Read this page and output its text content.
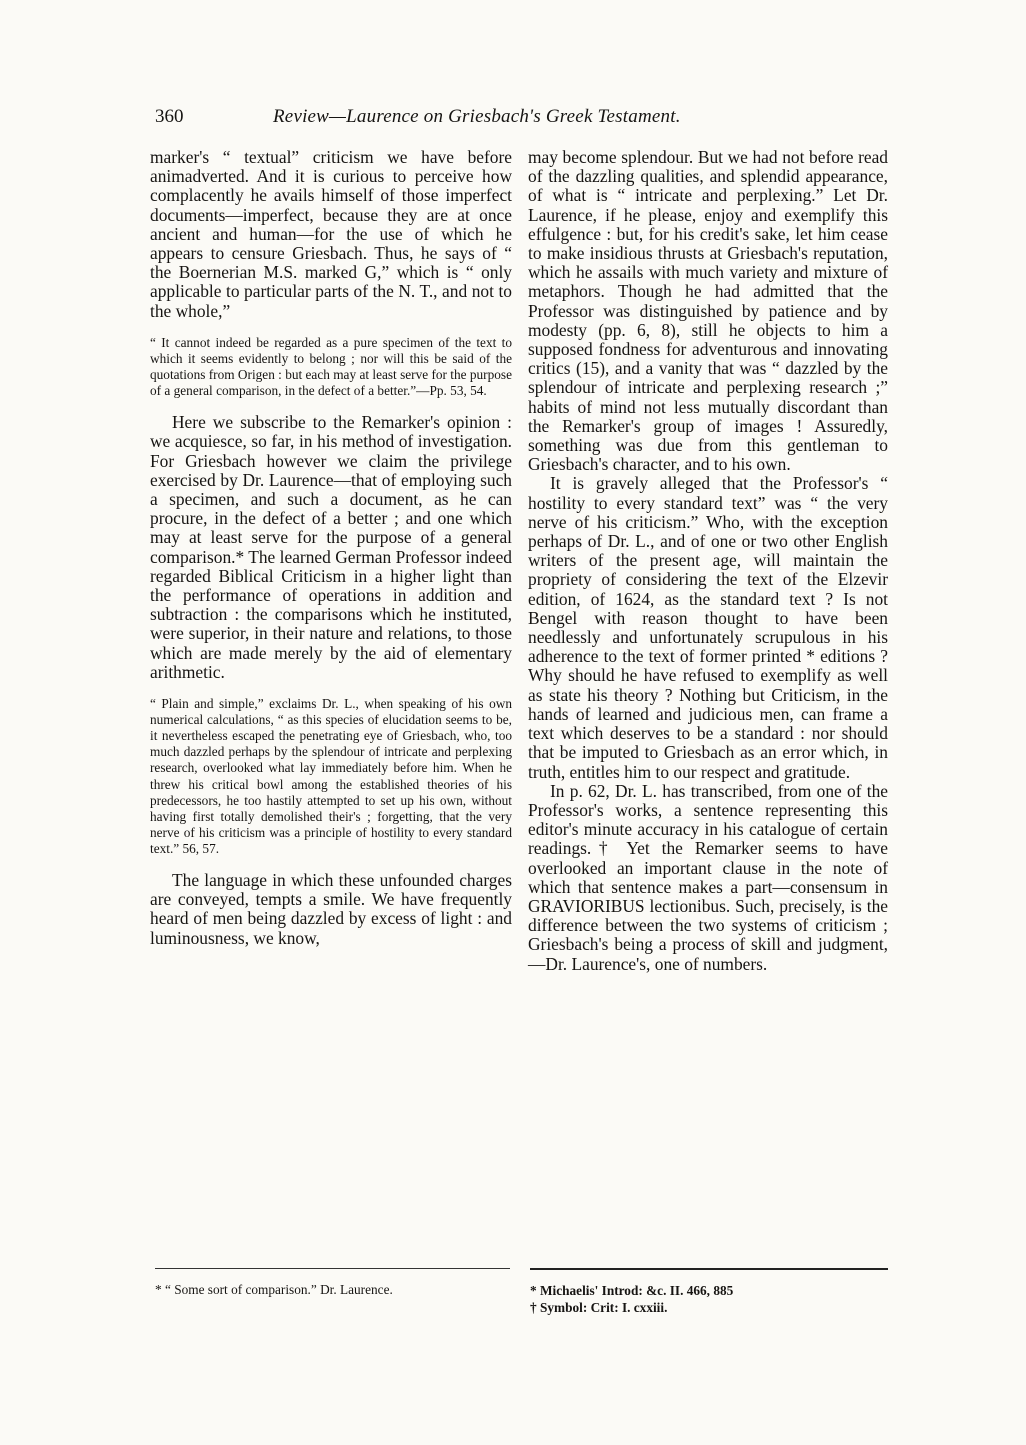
360	Review—Laurence on Griesbach's Greek Testament.

marker's “ textual” criticism we have before animadverted. And it is curious to perceive how complacently he avails himself of those imperfect documents—imperfect, because they are at once ancient and human—for the use of which he appears to censure Griesbach. Thus, he says of “ the Boernerian M.S. marked G,” which is “ only applicable to particular parts of the N. T., and not to the whole,”

“ It cannot indeed be regarded as a pure specimen of the text to which it seems evidently to belong ; nor will this be said of the quotations from Origen : but each may at least serve for the purpose of a general comparison, in the defect of a better.”—Pp. 53, 54.

Here we subscribe to the Remarker's opinion : we acquiesce, so far, in his method of investigation. For Griesbach however we claim the privilege exercised by Dr. Laurence—that of employing such a specimen, and such a document, as he can procure, in the defect of a better ; and one which may at least serve for the purpose of a general comparison.* The learned German Professor indeed regarded Biblical Criticism in a higher light than the performance of operations in addition and subtraction : the comparisons which he instituted, were superior, in their nature and relations, to those which are made merely by the aid of elementary arithmetic.

“ Plain and simple,” exclaims Dr. L., when speaking of his own numerical calculations, “ as this species of elucidation seems to be, it nevertheless escaped the penetrating eye of Griesbach, who, too much dazzled perhaps by the splendour of intricate and perplexing research, overlooked what lay immediately before him. When he threw his critical bowl among the established theories of his predecessors, he too hastily attempted to set up his own, without having first totally demolished their's ; forgetting, that the very nerve of his criticism was a principle of hostility to every standard text.” 56, 57.

The language in which these unfounded charges are conveyed, tempts a smile. We have frequently heard of men being dazzled by excess of light : and luminousness, we know,

may become splendour. But we had not before read of the dazzling qualities, and splendid appearance, of what is “ intricate and perplexing.” Let Dr. Laurence, if he please, enjoy and exemplify this effulgence : but, for his credit's sake, let him cease to make insidious thrusts at Griesbach's reputation, which he assails with much variety and mixture of metaphors. Though he had admitted that the Professor was distinguished by patience and by modesty (pp. 6, 8), still he objects to him a supposed fondness for adventurous and innovating critics (15), and a vanity that was “ dazzled by the splendour of intricate and perplexing research ;” habits of mind not less mutually discordant than the Remarker's group of images ! Assuredly, something was due from this gentleman to Griesbach's character, and to his own.

It is gravely alleged that the Professor's “ hostility to every standard text” was “ the very nerve of his criticism.” Who, with the exception perhaps of Dr. L., and of one or two other English writers of the present age, will maintain the propriety of considering the text of the Elzevir edition, of 1624, as the standard text ? Is not Bengel with reason thought to have been needlessly and unfortunately scrupulous in his adherence to the text of former printed * editions ? Why should he have refused to exemplify as well as state his theory ? Nothing but Criticism, in the hands of learned and judicious men, can frame a text which deserves to be a standard : nor should that be imputed to Griesbach as an error which, in truth, entitles him to our respect and gratitude.

In p. 62, Dr. L. has transcribed, from one of the Professor's works, a sentence representing this editor's minute accuracy in his catalogue of certain readings.† Yet the Remarker seems to have overlooked an important clause in the note of which that sentence makes a part—consensum in GRAVIORIBUS lectionibus. Such, precisely, is the difference between the two systems of criticism ; Griesbach's being a process of skill and judgment, —Dr. Laurence's, one of numbers.

* “ Some sort of comparison.” Dr. Laurence.	* Michaelis' Introd: &c. II. 466, 885

† Symbol: Crit: I. cxxiii.
